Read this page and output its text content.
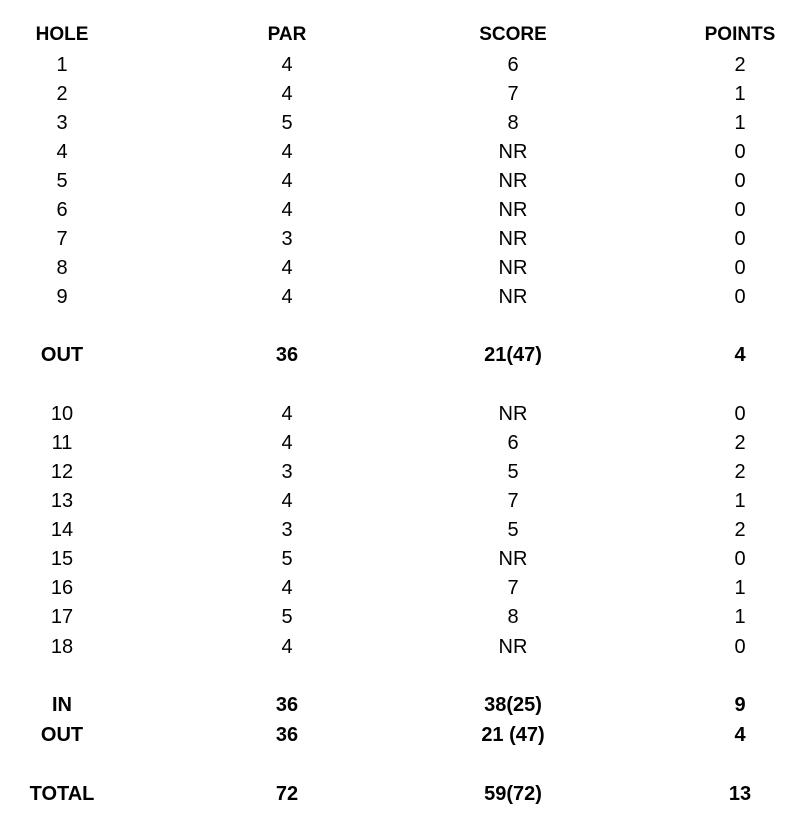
HOLE	PAR	SCORE	POINTS
1	4	6	2
2	4	7	1
3	5	8	1
4	4	NR	0
5	4	NR	0
6	4	NR	0
7	3	NR	0
8	4	NR	0
9	4	NR	0
OUT	36	21(47)	4
10	4	NR	0
11	4	6	2
12	3	5	2
13	4	7	1
14	3	5	2
15	5	NR	0
16	4	7	1
17	5	8	1
18	4	NR	0
IN	36	38(25)	9
OUT	36	21 (47)	4
TOTAL	72	59(72)	13
